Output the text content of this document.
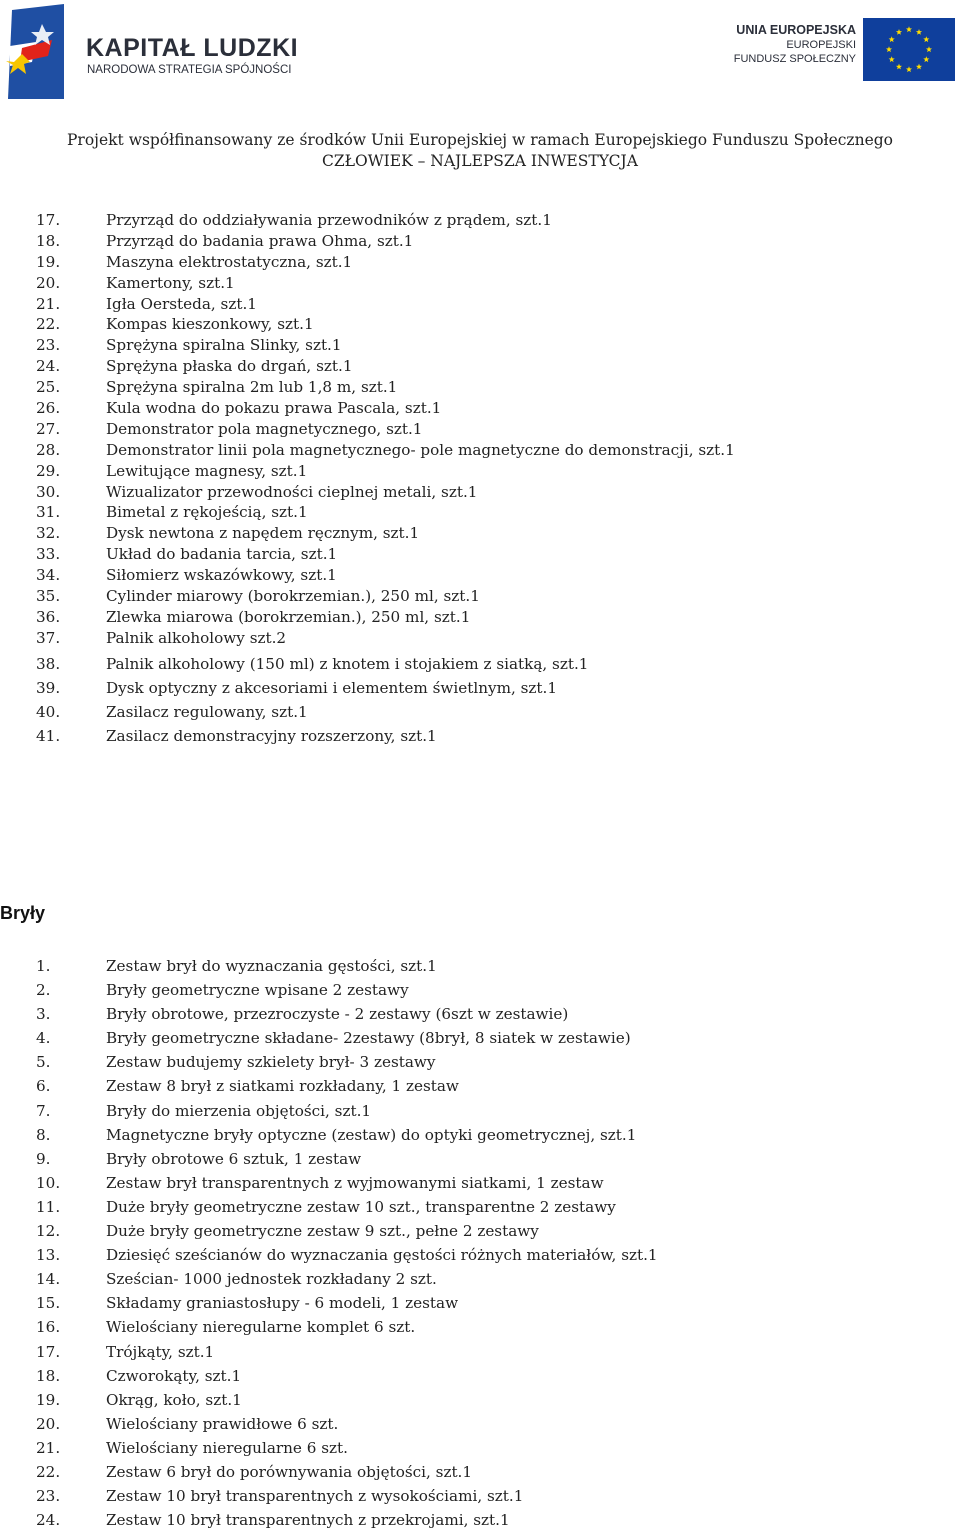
KAPITAŁ LUDZKI
NARODOWA STRATEGIA SPÓJNOŚCI
UNIA EUROPEJSKA
EUROPEJSKI
FUNDUSZ SPOŁECZNY
Projekt współfinansowany ze środków Unii Europejskiej w ramach Europejskiego Funduszu Społecznego
CZŁOWIEK – NAJLEPSZA INWESTYCJA
17.	Przyrząd do oddziaływania przewodników z prądem, szt.1
18.	Przyrząd do badania prawa Ohma, szt.1
19.	Maszyna elektrostatyczna, szt.1
20.	Kamertony, szt.1
21.	Igła Oersteda, szt.1
22.	Kompas kieszonkowy, szt.1
23.	Sprężyna spiralna Slinky, szt.1
24.	Sprężyna płaska do drgań, szt.1
25.	Sprężyna spiralna 2m lub 1,8 m, szt.1
26.	Kula wodna do pokazu prawa Pascala, szt.1
27.	Demonstrator pola magnetycznego, szt.1
28.	Demonstrator linii pola magnetycznego- pole magnetyczne do demonstracji, szt.1
29.	Lewitujące magnesy, szt.1
30.	Wizualizator przewodności cieplnej metali, szt.1
31.	Bimetal z rękojeścią, szt.1
32.	Dysk newtona z napędem ręcznym, szt.1
33.	Układ do badania tarcia, szt.1
34.	Siłomierz wskazówkowy, szt.1
35.	Cylinder miarowy (borokrzemian.), 250 ml, szt.1
36.	Zlewka miarowa (borokrzemian.), 250 ml, szt.1
37.	Palnik alkoholowy szt.2
38.	Palnik alkoholowy (150 ml) z knotem i stojakiem z siatką, szt.1
39.	Dysk optyczny z akcesoriami i elementem świetlnym, szt.1
40.	Zasilacz regulowany, szt.1
41.	Zasilacz demonstracyjny rozszerzony, szt.1
Bryły
1.	Zestaw brył do wyznaczania gęstości, szt.1
2.	Bryły geometryczne wpisane 2 zestawy
3.	Bryły obrotowe, przezroczyste - 2 zestawy (6szt w zestawie)
4.	Bryły geometryczne składane- 2zestawy (8brył, 8 siatek w zestawie)
5.	Zestaw budujemy szkielety brył- 3 zestawy
6.	Zestaw 8 brył z siatkami rozkładany, 1 zestaw
7.	Bryły do mierzenia objętości, szt.1
8.	Magnetyczne bryły optyczne (zestaw) do optyki geometrycznej, szt.1
9.	Bryły obrotowe 6 sztuk, 1 zestaw
10.	Zestaw brył transparentnych z wyjmowanymi siatkami, 1 zestaw
11.	Duże bryły geometryczne zestaw 10 szt., transparentne 2 zestawy
12.	Duże bryły geometryczne zestaw 9 szt., pełne 2 zestawy
13.	Dziesięć sześcianów do wyznaczania gęstości różnych materiałów, szt.1
14.	Sześcian- 1000 jednostek rozkładany 2 szt.
15.	Składamy graniastosłupy - 6 modeli, 1 zestaw
16.	Wielościany nieregularne komplet 6 szt.
17.	Trójkąty, szt.1
18.	Czworokąty, szt.1
19.	Okrąg, koło, szt.1
20.	Wielościany prawidłowe 6 szt.
21.	Wielościany nieregularne 6 szt.
22.	Zestaw 6 brył do porównywania objętości, szt.1
23.	Zestaw 10 brył transparentnych z wysokościami, szt.1
24.	Zestaw 10 brył transparentnych z przekrojami, szt.1
